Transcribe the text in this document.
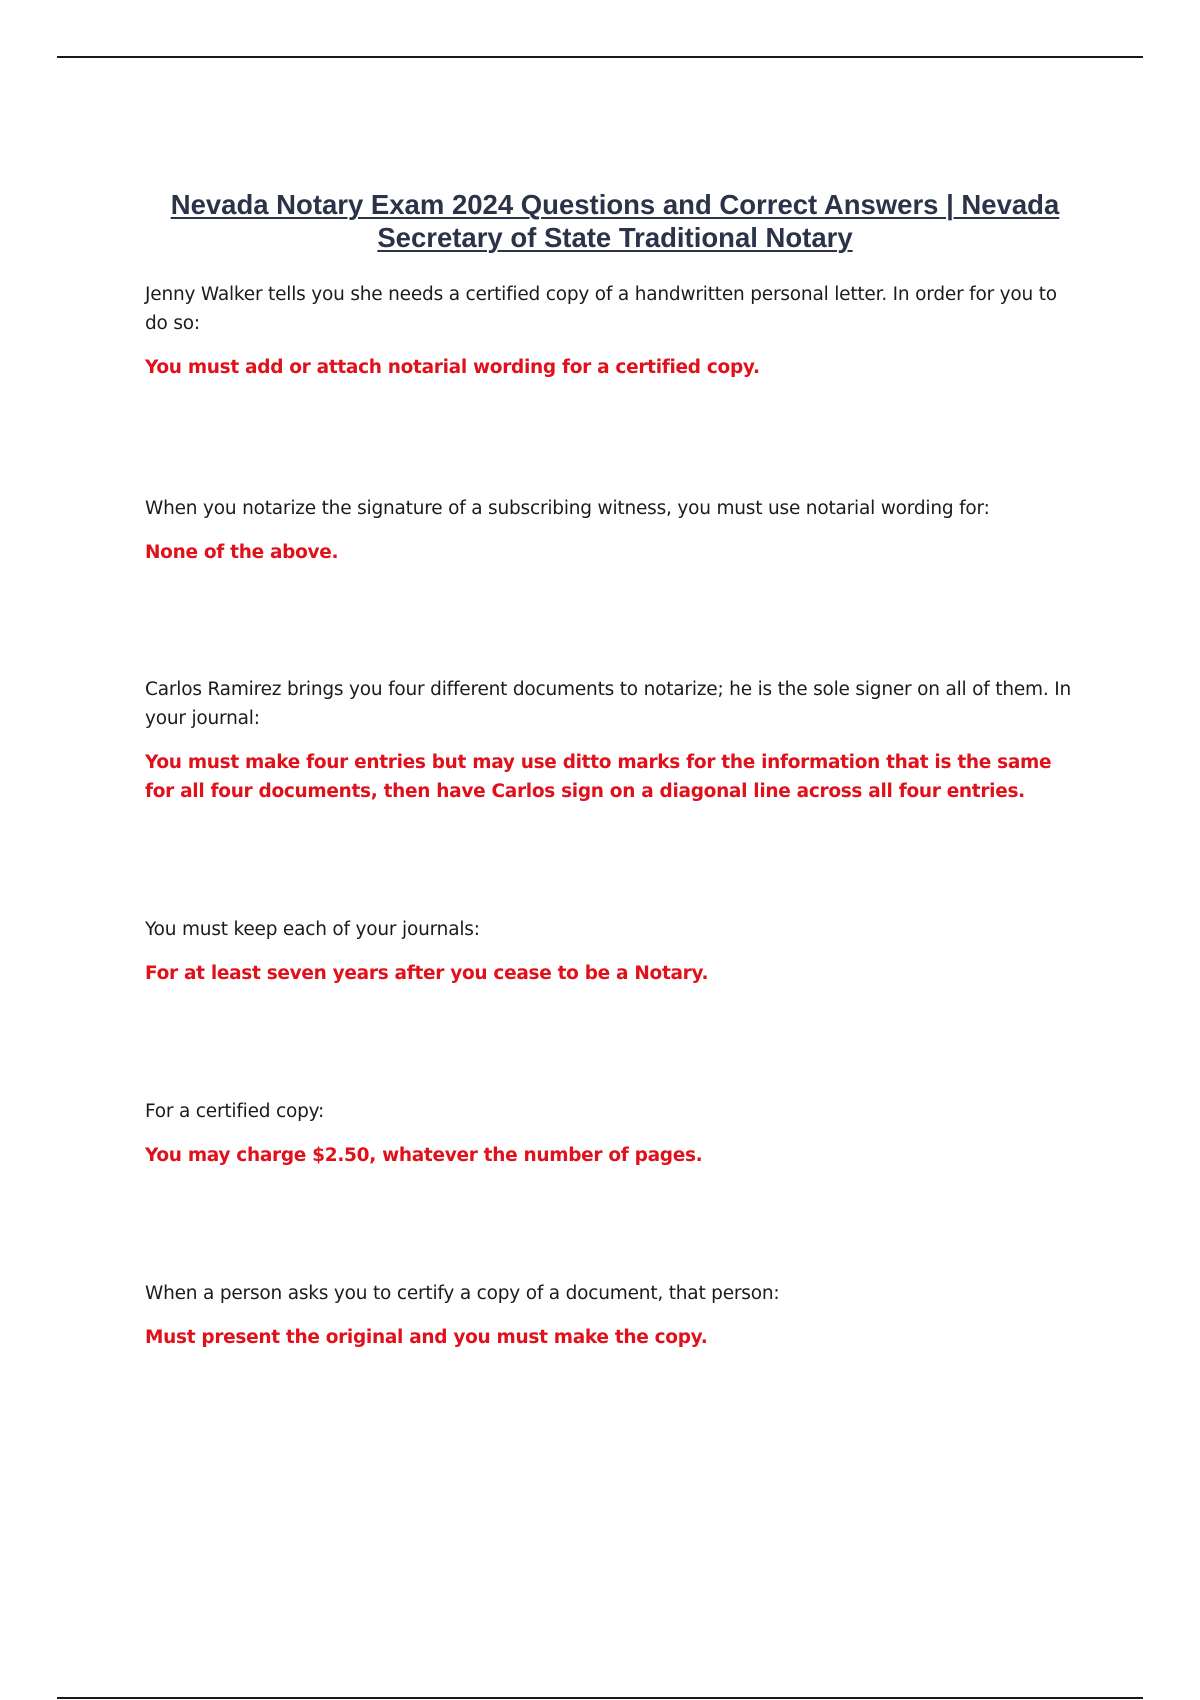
Nevada Notary Exam 2024 Questions and Correct Answers | Nevada Secretary of State Traditional Notary

Jenny Walker tells you she needs a certified copy of a handwritten personal letter. In order for you to do so:

You must add or attach notarial wording for a certified copy.

When you notarize the signature of a subscribing witness, you must use notarial wording for:

None of the above.

Carlos Ramirez brings you four different documents to notarize; he is the sole signer on all of them. In your journal:

You must make four entries but may use ditto marks for the information that is the same for all four documents, then have Carlos sign on a diagonal line across all four entries.

You must keep each of your journals:

For at least seven years after you cease to be a Notary.

For a certified copy:

You may charge $2.50, whatever the number of pages.

When a person asks you to certify a copy of a document, that person:

Must present the original and you must make the copy.
